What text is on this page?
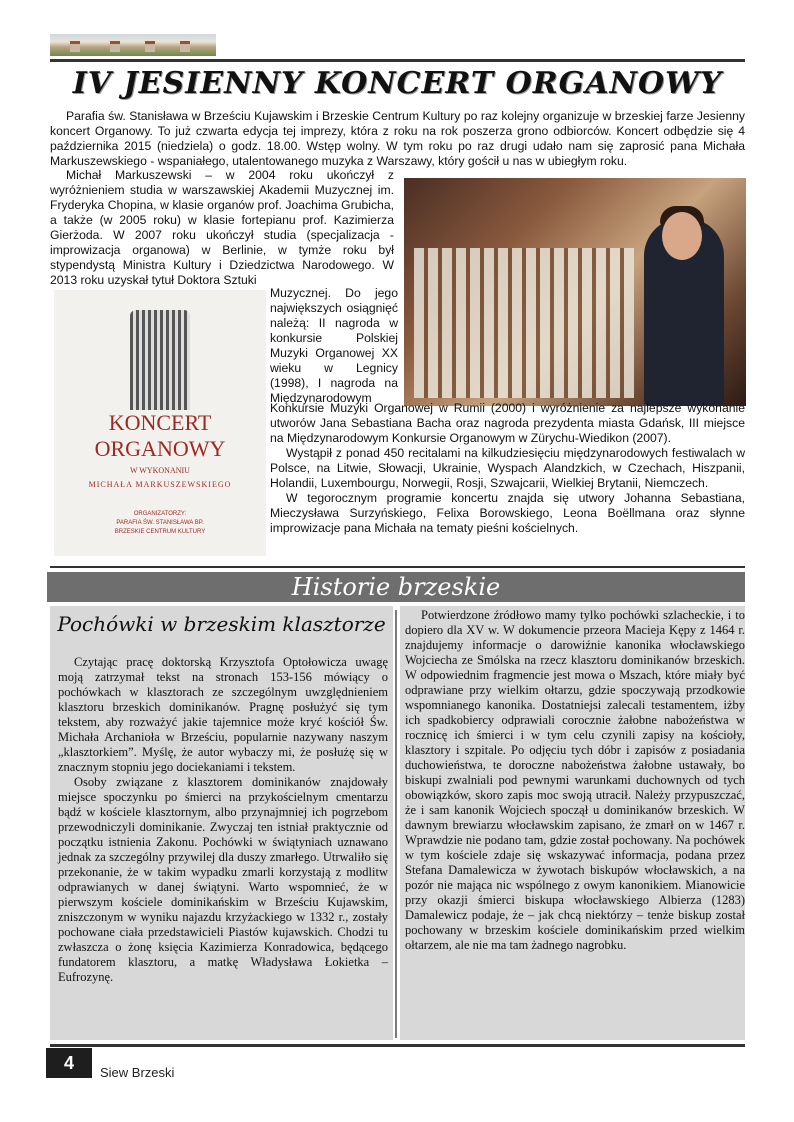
IV JESIENNY KONCERT ORGANOWY
Parafia św. Stanisława w Brześciu Kujawskim i Brzeskie Centrum Kultury po raz kolejny organizuje w brzeskiej farze Jesienny koncert Organowy. To już czwarta edycja tej imprezy, która z roku na rok poszerza grono odbiorców. Koncert odbędzie się 4 października 2015 (niedziela) o godz. 18.00. Wstęp wolny. W tym roku po raz drugi udało nam się zaprosić pana Michała Markuszewskiego - wspaniałego, utalentowanego muzyka z Warszawy, który gościł u nas w ubiegłym roku.
Michał Markuszewski – w 2004 roku ukończył z wyróżnieniem studia w warszawskiej Akademii Muzycznej im. Fryderyka Chopina, w klasie organów prof. Joachima Grubicha, a także (w 2005 roku) w klasie fortepianu prof. Kazimierza Gierżoda. W 2007 roku ukończył studia (specjalizacja - improwizacja organowa) w Berlinie, w tymże roku był stypendystą Ministra Kultury i Dziedzictwa Narodowego. W 2013 roku uzyskał tytuł Doktora Sztuki
Muzycznej. Do jego największych osiągnięć należą: II nagroda w konkursie Polskiej Muzyki Organowej XX wieku w Legnicy (1998), I nagroda na Międzynarodowym
Konkursie Muzyki Organowej w Rumii (2000) i wyróżnienie za najlepsze wykonanie utworów Jana Sebastiana Bacha oraz nagroda prezydenta miasta Gdańsk, III miejsce na Międzynarodowym Konkursie Organowym w Zürychu-Wiedikon (2007).
Wystąpił z ponad 450 recitalami na kilkudziesięciu międzynarodowych festiwalach w Polsce, na Litwie, Słowacji, Ukrainie, Wyspach Alandzkich, w Czechach, Hiszpanii, Holandii, Luxembourgu, Norwegii, Rosji, Szwajcarii, Wielkiej Brytanii, Niemczech.
W tegorocznym programie koncertu znajda się utwory Johanna Sebastiana, Mieczysława Surzyńskiego, Felixa Borowskiego, Leona Boëllmana oraz słynne improwizacje pana Michała na tematy pieśni kościelnych.
KONCERT
ORGANOWY
W WYKONANIU
MICHAŁA MARKUSZEWSKIEGO
ORGANIZATORZY:
PARAFIA ŚW. STANISŁAWA BP.
BRZESKIE CENTRUM KULTURY
Historie brzeskie
Pochówki w brzeskim klasztorze

Czytając pracę doktorską Krzysztofa Optołowicza uwagę moją zatrzymał tekst na stronach 153-156 mówiący o pochówkach w klasztorach ze szczególnym uwzględnieniem klasztoru brzeskich dominikanów. Pragnę posłużyć się tym tekstem, aby rozważyć jakie tajemnice może kryć kościół Św. Michała Archanioła w Brześciu, popularnie nazywany naszym „klasztorkiem”. Myślę, że autor wybaczy mi, że posłużę się w znacznym stopniu jego dociekaniami i tekstem.

Osoby związane z klasztorem dominikanów znajdowały miejsce spoczynku po śmierci na przykościelnym cmentarzu bądź w kościele klasztornym, albo przynajmniej ich pogrzebom przewodniczyli dominikanie. Zwyczaj ten istniał praktycznie od początku istnienia Zakonu. Pochówki w świątyniach uznawano jednak za szczególny przywilej dla duszy zmarłego. Utrwaliło się przekonanie, że w takim wypadku zmarli korzystają z modlitw odprawianych w danej świątyni. Warto wspomnieć, że w pierwszym kościele dominikańskim w Brześciu Kujawskim, zniszczonym w wyniku najazdu krzyżackiego w 1332 r., zostały pochowane ciała przedstawicieli Piastów kujawskich. Chodzi tu zwłaszcza o żonę księcia Kazimierza Konradowica, będącego fundatorem klasztoru, a matkę Władysława Łokietka – Eufrozynę.

Potwierdzone źródłowo mamy tylko pochówki szlacheckie, i to dopiero dla XV w. W dokumencie przeora Macieja Kępy z 1464 r. znajdujemy informacje o darowiźnie kanonika włocławskiego Wojciecha ze Smólska na rzecz klasztoru dominikanów brzeskich. W odpowiednim fragmencie jest mowa o Mszach, które miały być odprawiane przy wielkim ołtarzu, gdzie spoczywają przodkowie wspomnianego kanonika. Dostatniejsi zalecali testamentem, iżby ich spadkobiercy odprawiali corocznie żałobne nabożeństwa w rocznicę ich śmierci i w tym celu czynili zapisy na kościoły, klasztory i szpitale. Po odjęciu tych dóbr i zapisów z posiadania duchowieństwa, te doroczne nabożeństwa żałobne ustawały, bo biskupi zwalniali pod pewnymi warunkami duchownych od tych obowiązków, skoro zapis moc swoją utracił. Należy przypuszczać, że i sam kanonik Wojciech spoczął u dominikanów brzeskich. W dawnym brewiarzu włocławskim zapisano, że zmarł on w 1467 r. Wprawdzie nie podano tam, gdzie został pochowany. Na pochówek w tym kościele zdaje się wskazywać informacja, podana przez Stefana Damalewicza w żywotach biskupów włocławskich, a na pozór nie mająca nic wspólnego z owym kanonikiem. Mianowicie przy okazji śmierci biskupa włocławskiego Albierza (1283) Damalewicz podaje, że – jak chcą niektórzy – tenże biskup został pochowany w brzeskim kościele dominikańskim przed wielkim ołtarzem, ale nie ma tam żadnego nagrobku.

4	Siew Brzeski
